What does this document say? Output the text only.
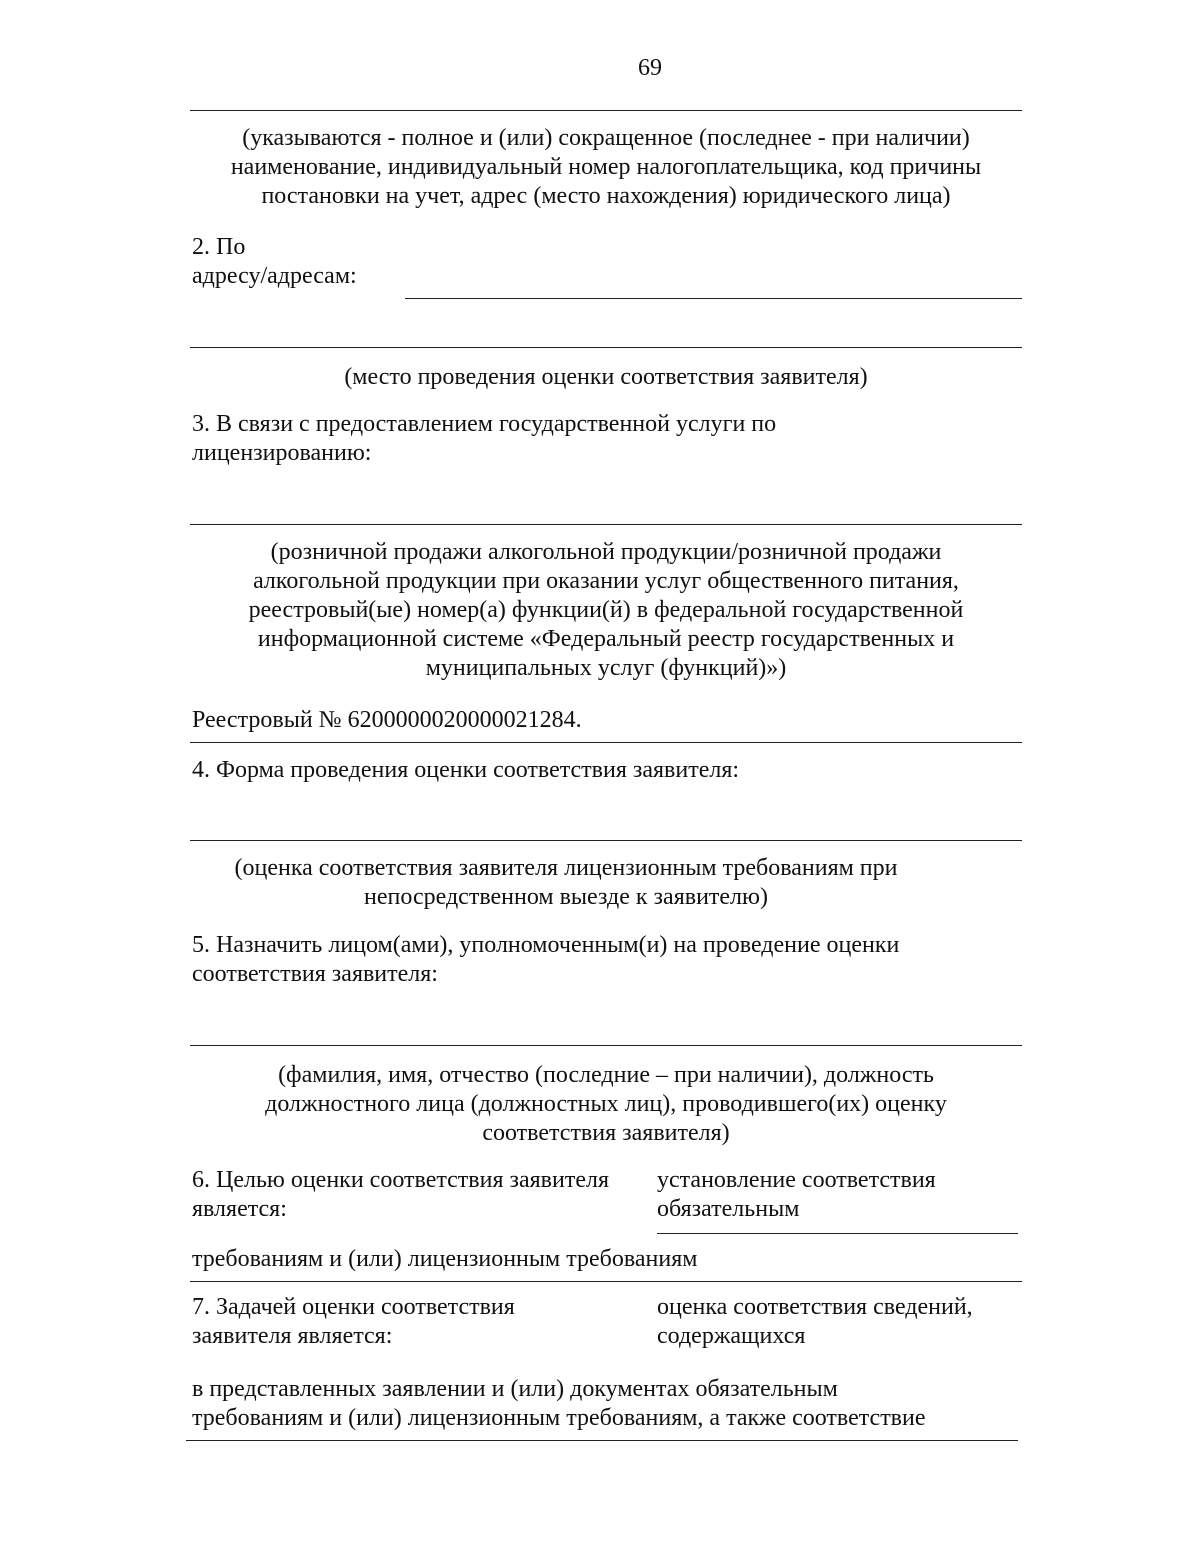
69
(указываются - полное и (или) сокращенное (последнее - при наличии)
наименование, индивидуальный номер налогоплательщика, код причины
постановки на учет, адрес (место нахождения) юридического лица)
2. По
адресу/адресам:
(место проведения оценки соответствия заявителя)
3. В связи с предоставлением государственной услуги по
лицензированию:
(розничной продажи алкогольной продукции/розничной продажи
алкогольной продукции при оказании услуг общественного питания,
реестровый(ые) номер(а) функции(й) в федеральной государственной
информационной системе «Федеральный реестр государственных и
муниципальных услуг (функций)»)
Реестровый № 6200000020000021284.
4. Форма проведения оценки соответствия заявителя:
(оценка соответствия заявителя лицензионным требованиям при
непосредственном выезде к заявителю)
5. Назначить лицом(ами), уполномоченным(и) на проведение оценки
соответствия заявителя:
(фамилия, имя, отчество (последние – при наличии), должность
должностного лица (должностных лиц), проводившего(их) оценку
соответствия заявителя)
6. Целью оценки соответствия заявителя
является:
установление соответствия
обязательным
требованиям и (или) лицензионным требованиям
7. Задачей оценки соответствия
заявителя является:
оценка соответствия сведений,
содержащихся
в представленных заявлении и (или) документах обязательным
требованиям и (или) лицензионным требованиям, а также соответствие
